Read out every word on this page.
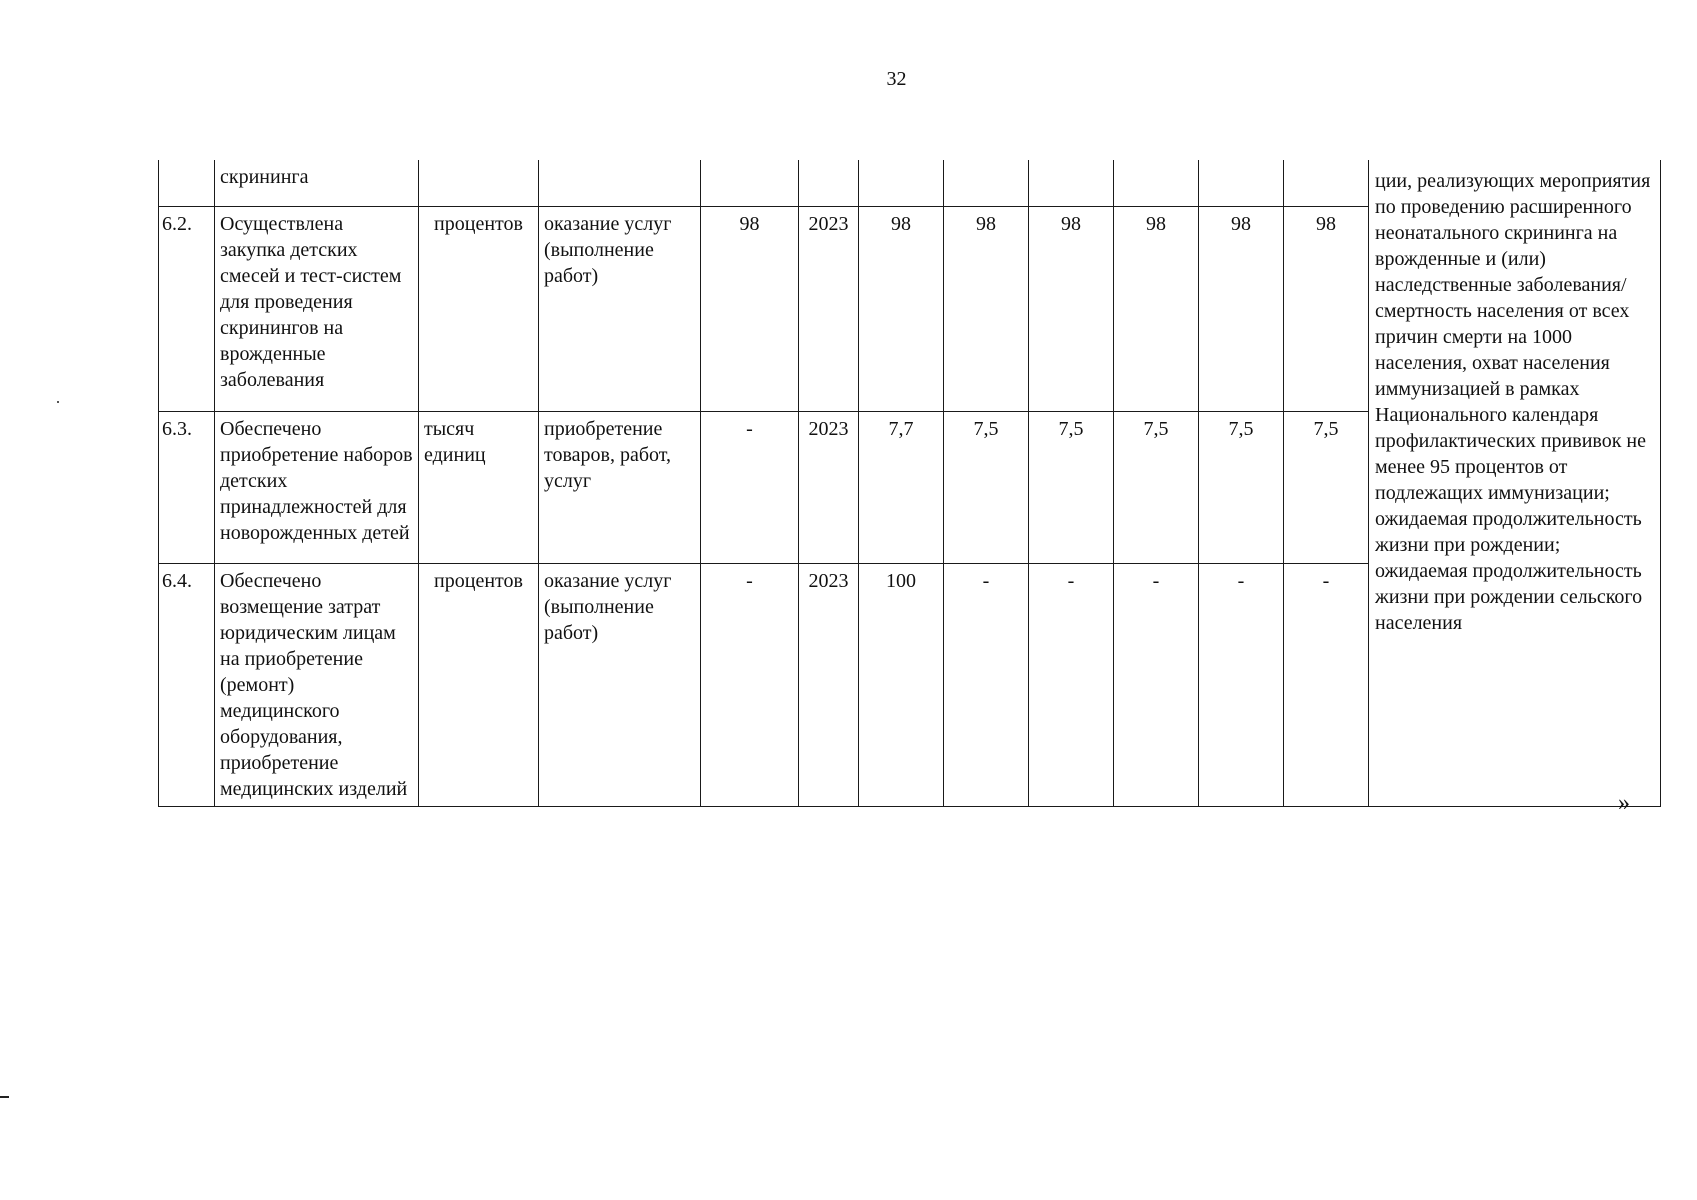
32
	скрининга											ции, реализующих мероприятия по проведению расширенного неонатального скрининга на врожденные и (или) наследственные заболевания/смертность населения от всех причин смерти на 1000 населения, охват населения иммунизацией в рамках Национального календаря профилактических прививок не менее 95 процентов от подлежащих иммунизации; ожидаемая продолжительность жизни при рождении; ожидаемая продолжительность жизни при рождении сельского населения
6.2.	Осуществлена закупка детских смесей и тест-систем для проведения скринингов на врожденные заболевания	процентов	оказание услуг (выполнение работ)	98	2023	98	98	98	98	98	98	
6.3.	Обеспечено приобретение наборов детских принадлежностей для новорожденных детей	тысяч единиц	приобретение товаров, работ, услуг	-	2023	7,7	7,5	7,5	7,5	7,5	7,5	
6.4.	Обеспечено возмещение затрат юридическим лицам на приобретение (ремонт) медицинского оборудования, приобретение медицинских изделий	процентов	оказание услуг (выполнение работ)	-	2023	100	-	-	-	-	-	
»
